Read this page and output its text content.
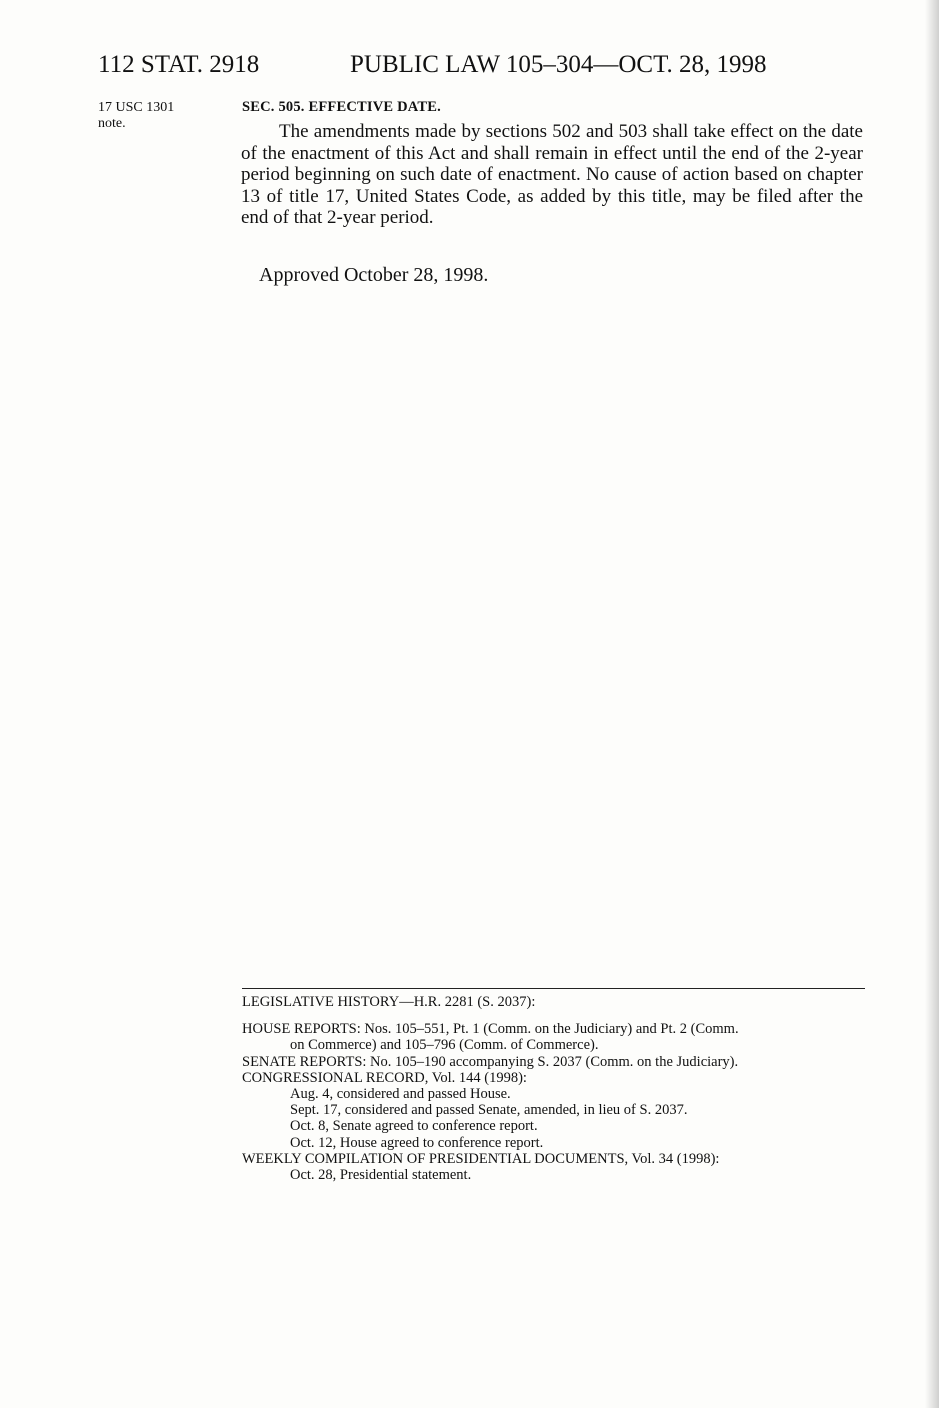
112 STAT. 2918	PUBLIC LAW 105–304—OCT. 28, 1998
17 USC 1301
note.
SEC. 505. EFFECTIVE DATE.

The amendments made by sections 502 and 503 shall take effect on the date of the enactment of this Act and shall remain in effect until the end of the 2-year period beginning on such date of enactment. No cause of action based on chapter 13 of title 17, United States Code, as added by this title, may be filed after the end of that 2-year period.

Approved October 28, 1998.
LEGISLATIVE HISTORY—H.R. 2281 (S. 2037):
HOUSE REPORTS: Nos. 105–551, Pt. 1 (Comm. on the Judiciary) and Pt. 2 (Comm.
on Commerce) and 105–796 (Comm. of Commerce).
SENATE REPORTS: No. 105–190 accompanying S. 2037 (Comm. on the Judiciary).
CONGRESSIONAL RECORD, Vol. 144 (1998):
Aug. 4, considered and passed House.
Sept. 17, considered and passed Senate, amended, in lieu of S. 2037.
Oct. 8, Senate agreed to conference report.
Oct. 12, House agreed to conference report.
WEEKLY COMPILATION OF PRESIDENTIAL DOCUMENTS, Vol. 34 (1998):
Oct. 28, Presidential statement.
